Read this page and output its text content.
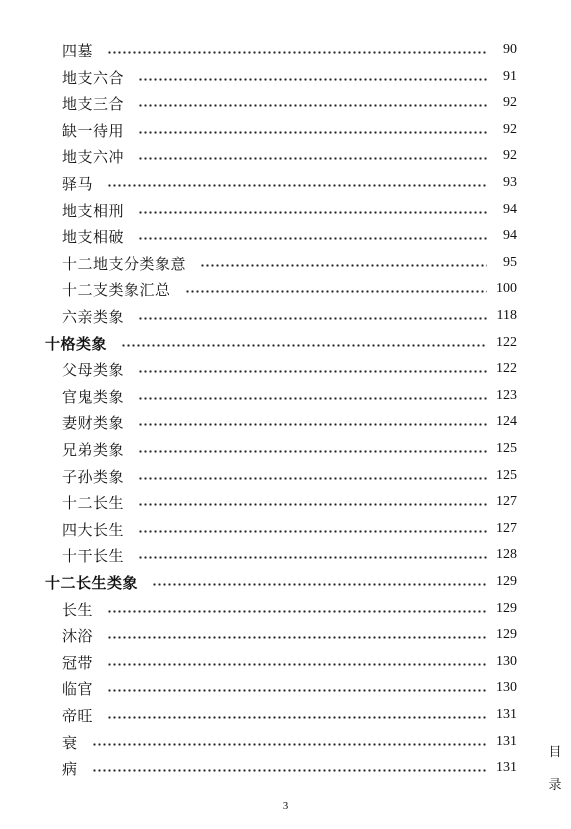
四墓	90
地支六合	91
地支三合	92
缺一待用	92
地支六冲	92
驿马	93
地支相刑	94
地支相破	94
十二地支分类象意	95
十二支类象汇总	100
六亲类象	118
十格类象	122
父母类象	122
官鬼类象	123
妻财类象	124
兄弟类象	125
子孙类象	125
十二长生	127
四大长生	127
十干长生	128
十二长生类象	129
长生	129
沐浴	129
冠带	130
临官	130
帝旺	131
衰	131
病	131
目
录
3
